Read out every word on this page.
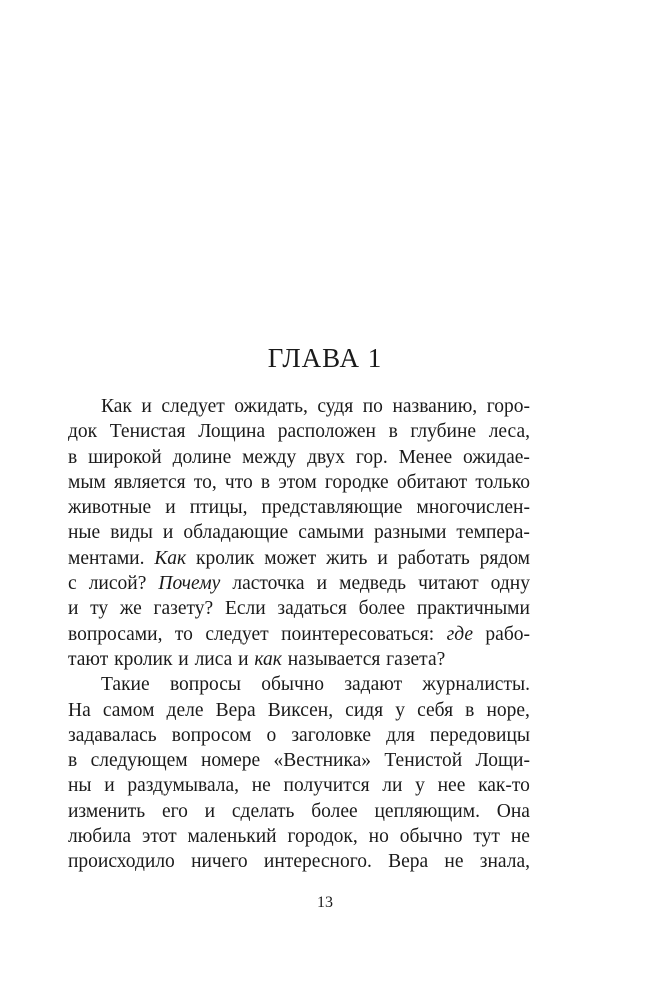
ГЛАВА 1
Как и следует ожидать, судя по названию, горо-
док Тенистая Лощина расположен в глубине леса,
в широкой долине между двух гор. Менее ожидае-
мым является то, что в этом городке обитают только
животные и птицы, представляющие многочислен-
ные виды и обладающие самыми разными темпера-
ментами. Как кролик может жить и работать рядом
с лисой? Почему ласточка и медведь читают одну
и ту же газету? Если задаться более практичными
вопросами, то следует поинтересоваться: где рабо-
тают кролик и лиса и как называется газета?
Такие вопросы обычно задают журналисты.
На самом деле Вера Виксен, сидя у себя в норе,
задавалась вопросом о заголовке для передовицы
в следующем номере «Вестника» Тенистой Лощи-
ны и раздумывала, не получится ли у нее как-то
изменить его и сделать более цепляющим. Она
любила этот маленький городок, но обычно тут не
происходило ничего интересного. Вера не знала,
13
